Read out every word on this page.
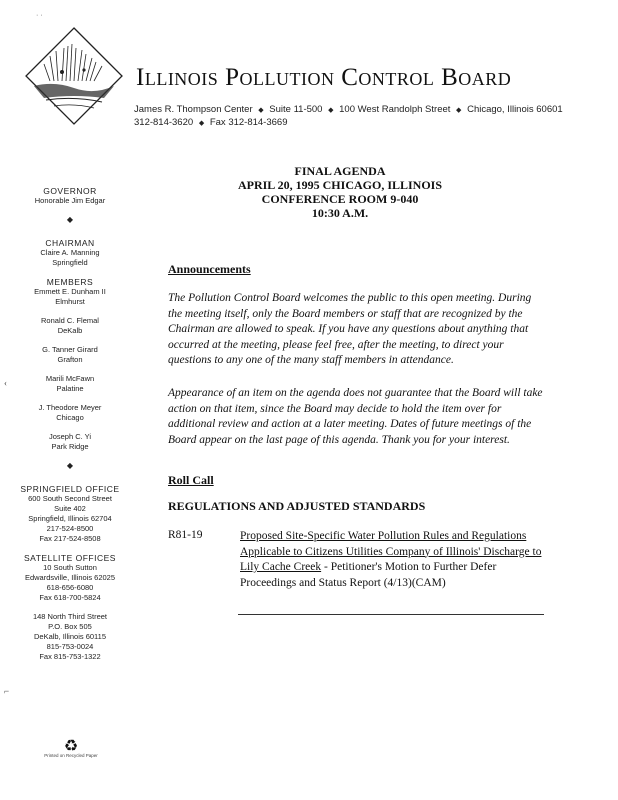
· ·
Illinois Pollution Control Board
James R. Thompson Center ◆ Suite 11-500 ◆ 100 West Randolph Street ◆ Chicago, Illinois 60601
312-814-3620 ◆ Fax 312-814-3669
GOVERNOR
Honorable Jim Edgar
◆
CHAIRMAN
Claire A. Manning
Springfield
MEMBERS
Emmett E. Dunham II
Elmhurst
Ronald C. Flemal
DeKalb
G. Tanner Girard
Grafton
Marili McFawn
Palatine
J. Theodore Meyer
Chicago
Joseph C. Yi
Park Ridge
◆
SPRINGFIELD OFFICE
600 South Second Street
Suite 402
Springfield, Illinois 62704
217-524-8500
Fax 217-524-8508
SATELLITE OFFICES
10 South Sutton
Edwardsville, Illinois 62025
618-656-6080
Fax 618-700-5824
148 North Third Street
P.O. Box 505
DeKalb, Illinois 60115
815-753-0024
Fax 815-753-1322
♻
Printed on Recycled Paper
‹
⌐
FINAL AGENDA
APRIL 20, 1995 CHICAGO, ILLINOIS
CONFERENCE ROOM 9-040
10:30 A.M.
Announcements
The Pollution Control Board welcomes the public to this open meeting. During the meeting itself, only the Board members or staff that are recognized by the Chairman are allowed to speak. If you have any questions about anything that occurred at the meeting, please feel free, after the meeting, to direct your questions to any one of the many staff members in attendance.
Appearance of an item on the agenda does not guarantee that the Board will take action on that item, since the Board may decide to hold the item over for additional review and action at a later meeting. Dates of future meetings of the Board appear on the last page of this agenda. Thank you for your interest.
Roll Call
REGULATIONS AND ADJUSTED STANDARDS
R81-19	Proposed Site-Specific Water Pollution Rules and Regulations Applicable to Citizens Utilities Company of Illinois' Discharge to Lily Cache Creek - Petitioner's Motion to Further Defer Proceedings and Status Report (4/13)(CAM)
